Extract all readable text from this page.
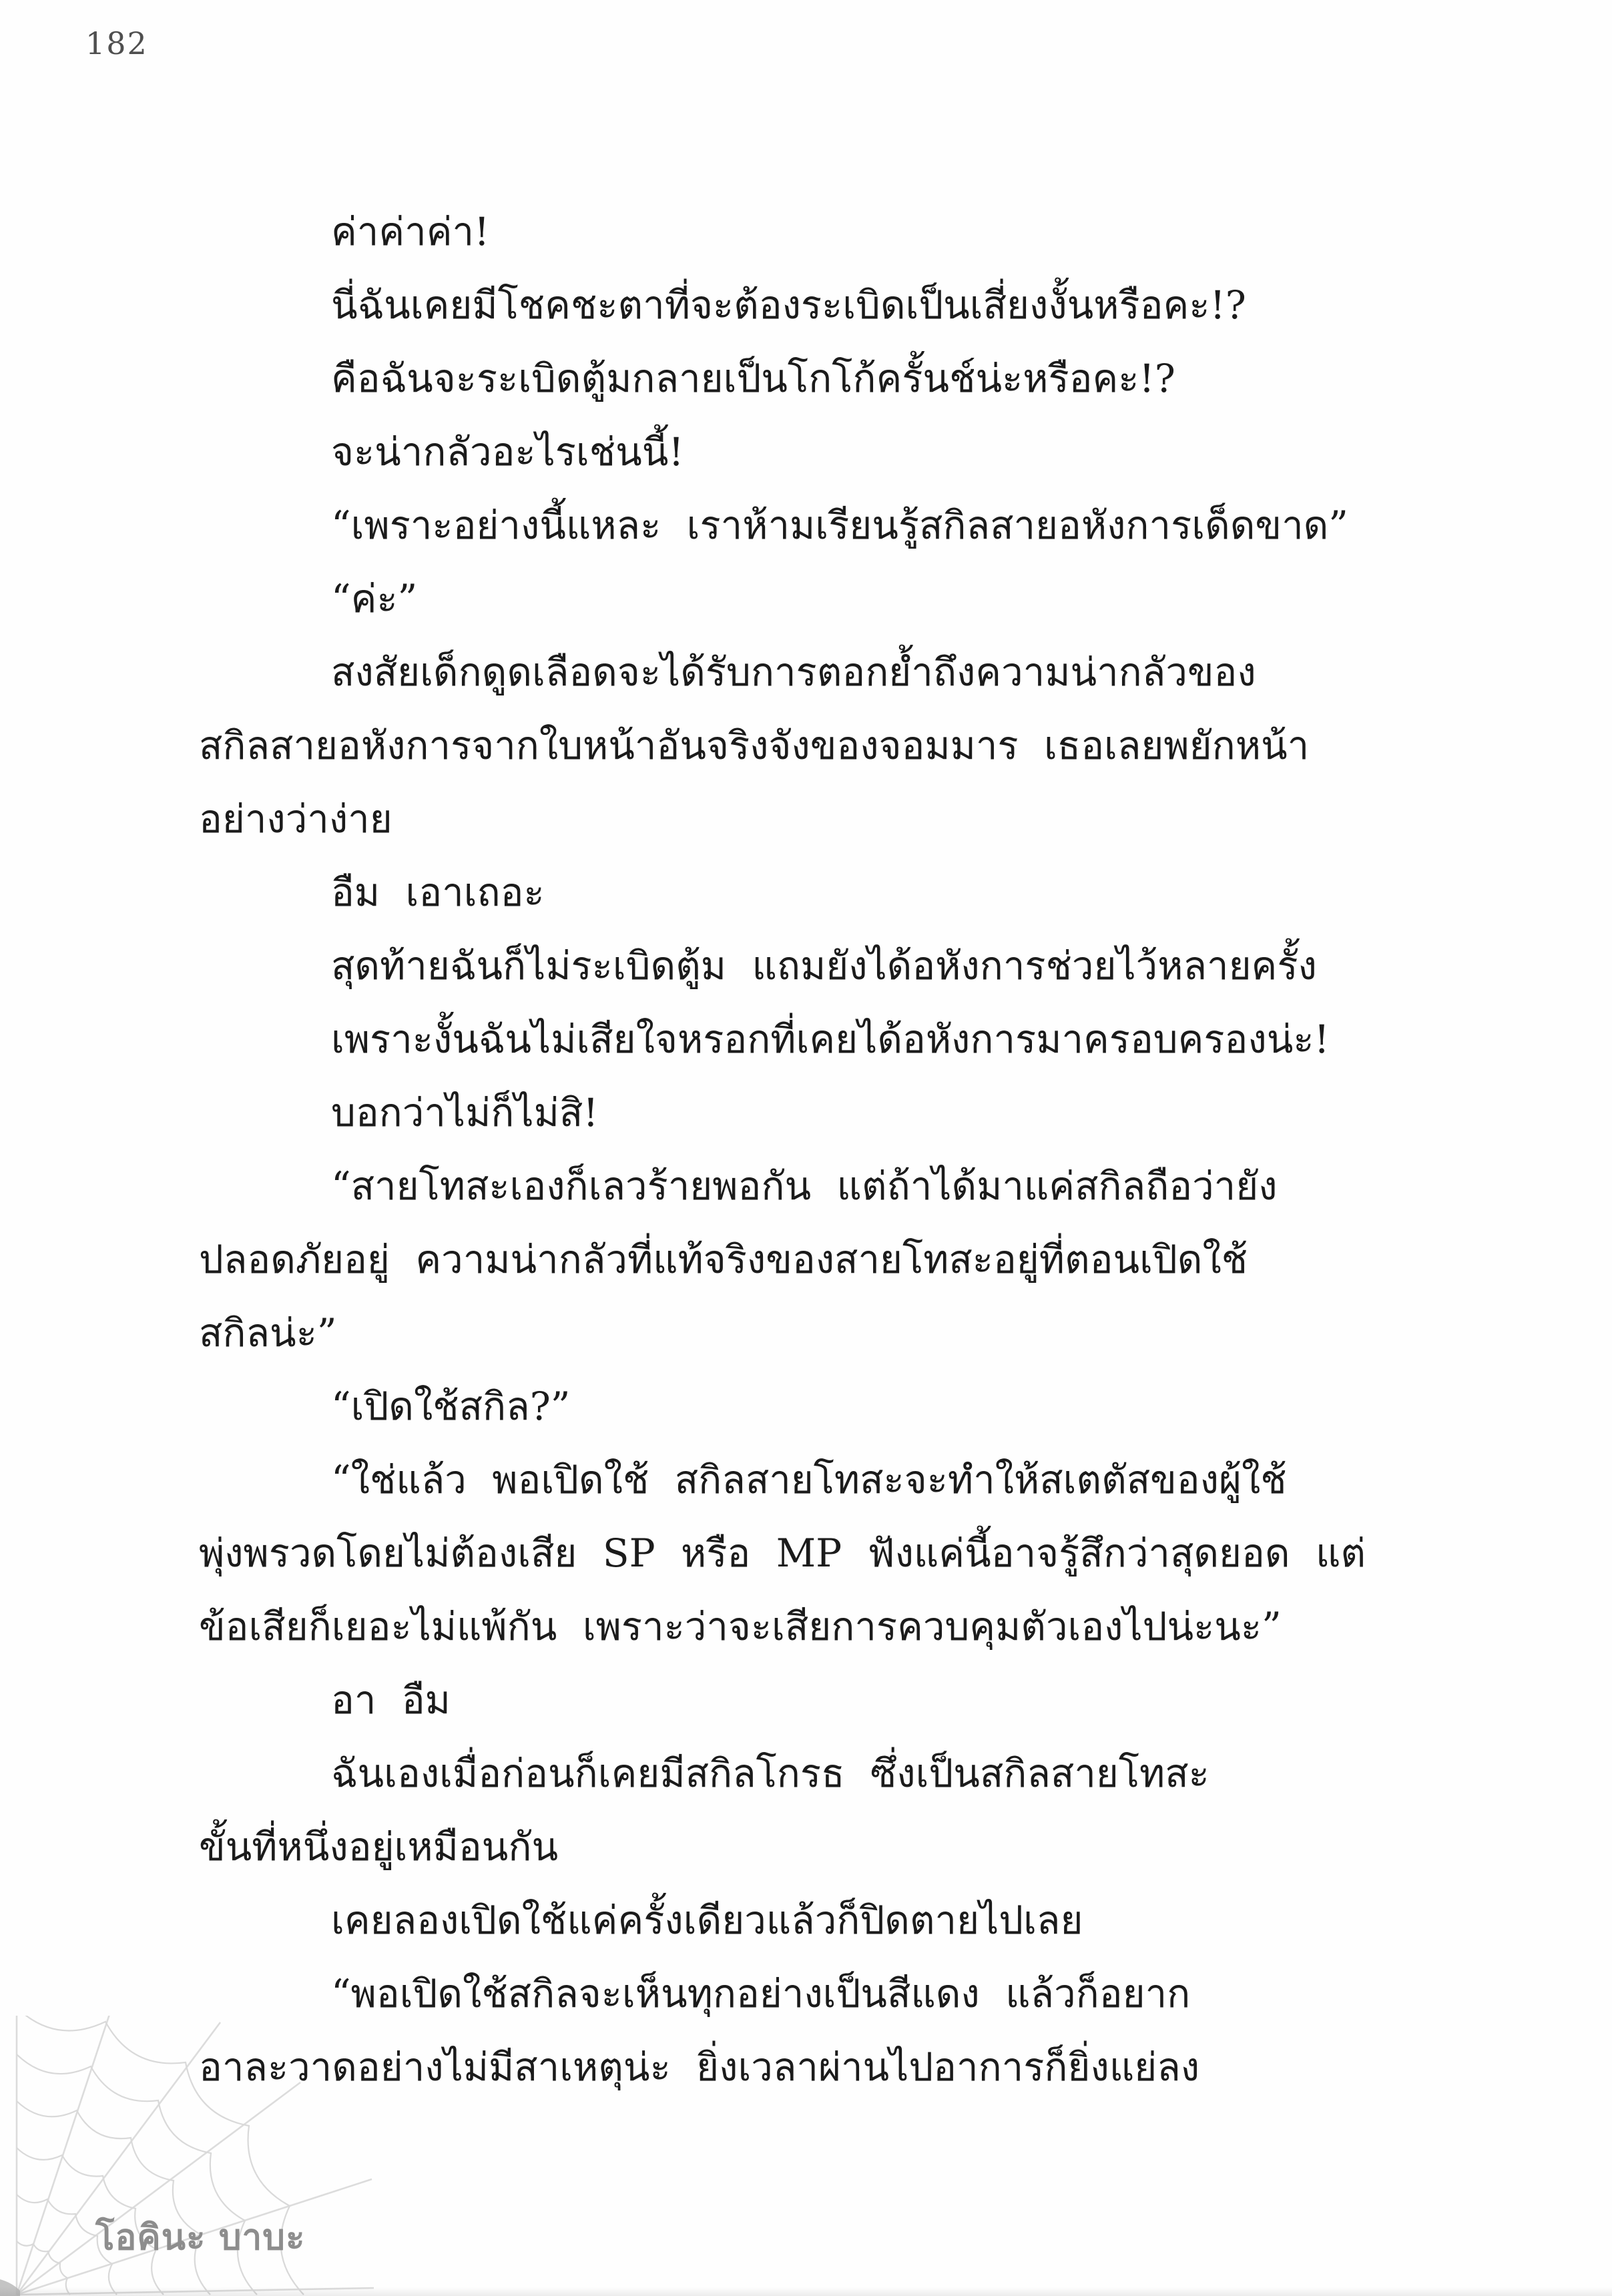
182
ค่าค่าค่า!
นี่ฉันเคยมีโชคชะตาที่จะต้องระเบิดเป็นเสี่ยงงั้นหรือคะ!?
คือฉันจะระเบิดตู้มกลายเป็นโกโก้ครั้นช์น่ะหรือคะ!?
จะน่ากลัวอะไรเช่นนี้!
“เพราะอย่างนี้แหละ เราห้ามเรียนรู้สกิลสายอหังการเด็ดขาด”
“ค่ะ”
สงสัยเด็กดูดเลือดจะได้รับการตอกย้ำถึงความน่ากลัวของ
สกิลสายอหังการจากใบหน้าอันจริงจังของจอมมาร เธอเลยพยักหน้า
อย่างว่าง่าย
อืม เอาเถอะ
สุดท้ายฉันก็ไม่ระเบิดตู้ม แถมยังได้อหังการช่วยไว้หลายครั้ง
เพราะงั้นฉันไม่เสียใจหรอกที่เคยได้อหังการมาครอบครองน่ะ!
บอกว่าไม่ก็ไม่สิ!
“สายโทสะเองก็เลวร้ายพอกัน แต่ถ้าได้มาแค่สกิลถือว่ายัง
ปลอดภัยอยู่ ความน่ากลัวที่แท้จริงของสายโทสะอยู่ที่ตอนเปิดใช้
สกิลน่ะ”
“เปิดใช้สกิล?”
“ใช่แล้ว พอเปิดใช้ สกิลสายโทสะจะทำให้สเตตัสของผู้ใช้
พุ่งพรวดโดยไม่ต้องเสีย SP หรือ MP ฟังแค่นี้อาจรู้สึกว่าสุดยอด แต่
ข้อเสียก็เยอะไม่แพ้กัน เพราะว่าจะเสียการควบคุมตัวเองไปน่ะนะ”
อา อืม
ฉันเองเมื่อก่อนก็เคยมีสกิลโกรธ ซึ่งเป็นสกิลสายโทสะ
ขั้นที่หนึ่งอยู่เหมือนกัน
เคยลองเปิดใช้แค่ครั้งเดียวแล้วก็ปิดตายไปเลย
“พอเปิดใช้สกิลจะเห็นทุกอย่างเป็นสีแดง แล้วก็อยาก
อาละวาดอย่างไม่มีสาเหตุน่ะ ยิ่งเวลาผ่านไปอาการก็ยิ่งแย่ลง
โอคินะ บาบะ
